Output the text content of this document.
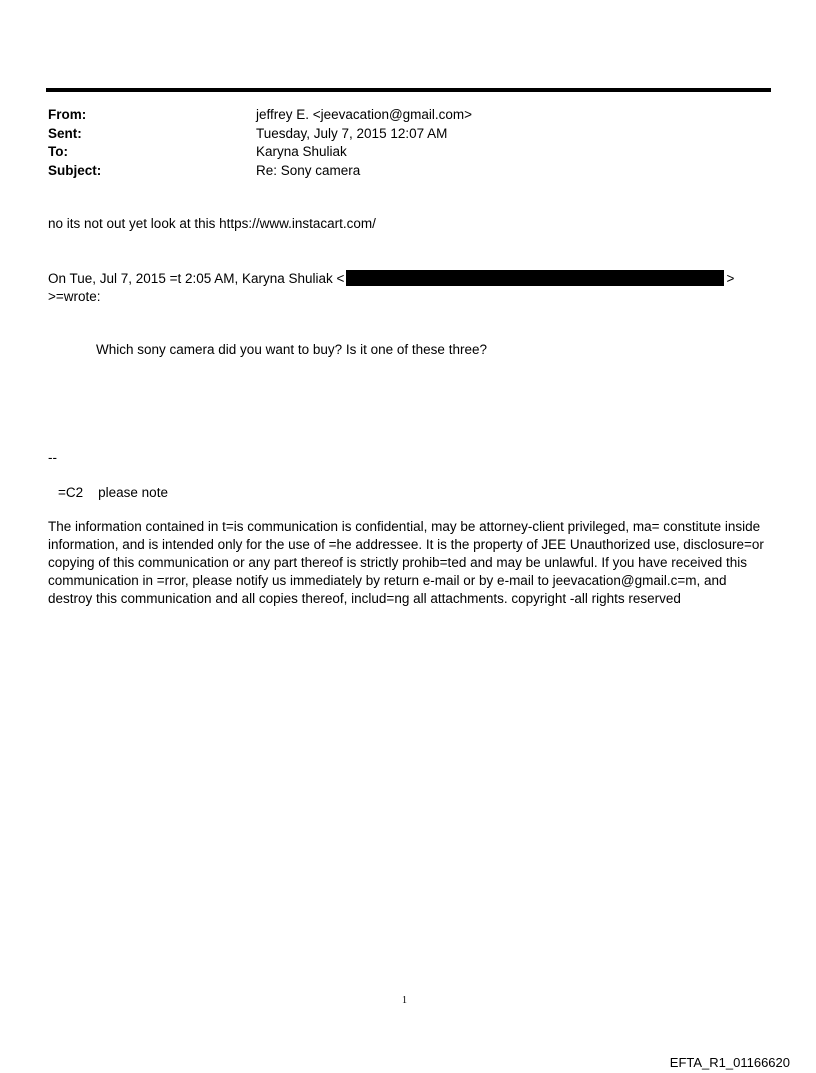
From:	jeffrey E. <jeevacation@gmail.com>
Sent:	Tuesday, July 7, 2015 12:07 AM
To:	Karyna Shuliak
Subject:	Re: Sony camera
no its not out yet look at this https://www.instacart.com/
On Tue, Jul 7, 2015 =t 2:05 AM, Karyna Shuliak <	>
>=wrote:
Which sony camera did you want to buy? Is it one of these three?
--
=C2    please note
The information contained in t=is communication is confidential, may be attorney-client privileged, ma= constitute inside information, and is intended only for the use of =he addressee. It is the property of JEE Unauthorized use, disclosure=or copying of this communication or any part thereof is strictly prohib=ted and may be unlawful. If you have received this communication in =rror, please notify us immediately by return e-mail or by e-mail to jeevacation@gmail.c=m, and destroy this communication and all copies thereof, includ=ng all attachments. copyright -all rights reserved
1
EFTA_R1_01166620
